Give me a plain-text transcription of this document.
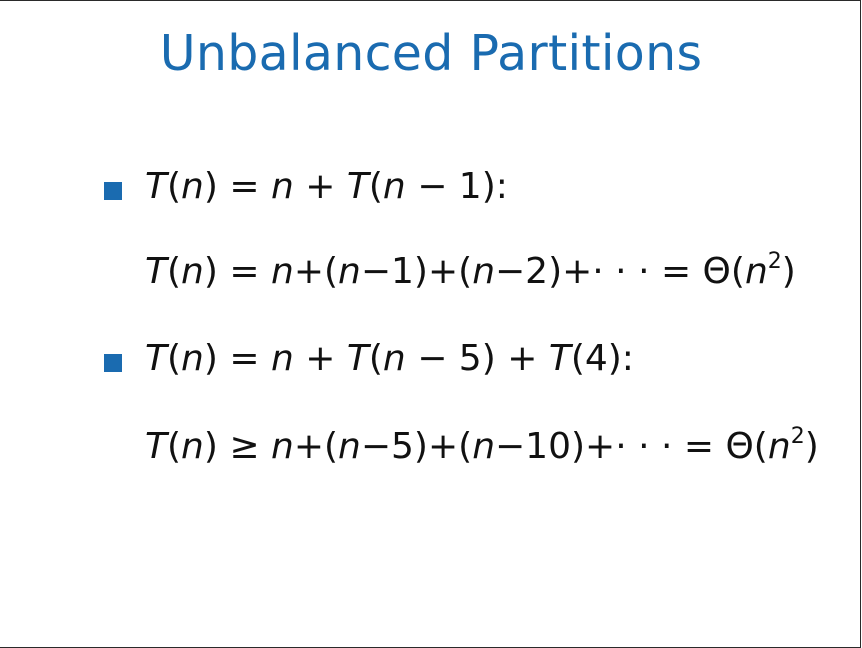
Unbalanced Partitions
T(n) = n + T(n − 1):
T(n) = n+(n−1)+(n−2)+· · · = $\Theta(n^2)$
T(n) = n + T(n − 5) + T(4):
T(n) ≥ n+(n−5)+(n−10)+· · · = $\Theta(n^2)$
